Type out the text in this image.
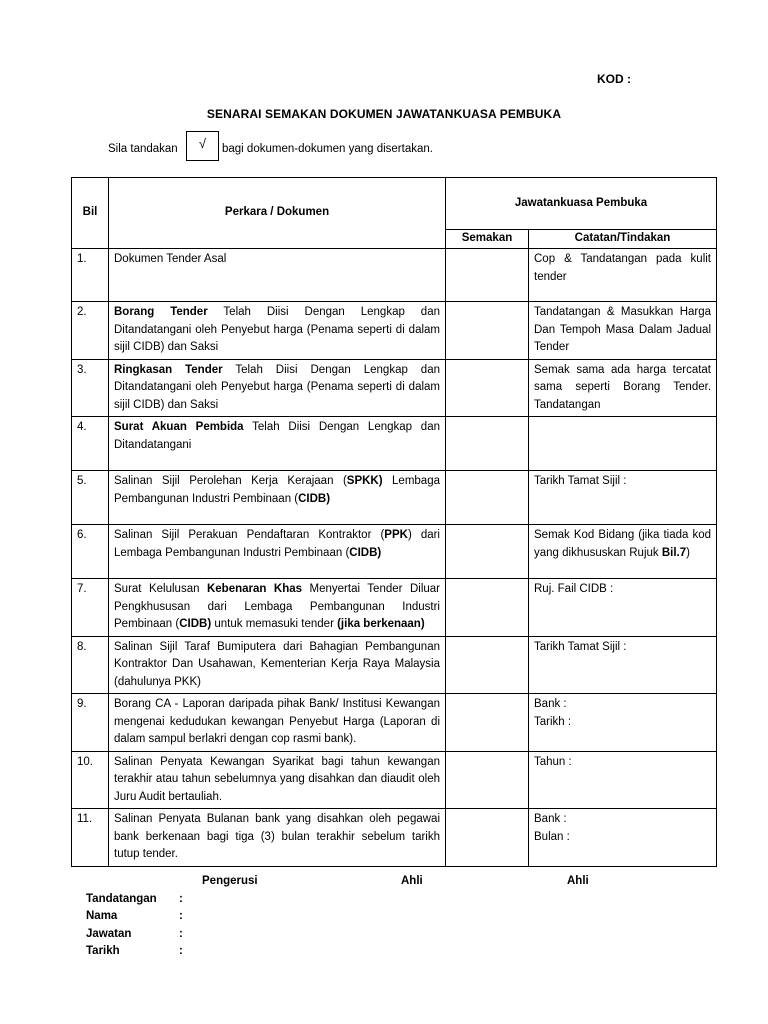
KOD :
SENARAI SEMAKAN DOKUMEN JAWATANKUASA PEMBUKA
Sila tandakan	√	bagi dokumen-dokumen yang disertakan.
Bil	Perkara / Dokumen	Jawatankuasa Pembuka	
		Semakan	Catatan/Tindakan
1.	Dokumen Tender Asal		Cop & Tandatangan pada kulit tender
2.	Borang Tender Telah Diisi Dengan Lengkap dan Ditandatangani oleh Penyebut harga (Penama seperti di dalam sijil CIDB) dan Saksi		Tandatangan & Masukkan Harga Dan Tempoh Masa Dalam Jadual Tender
3.	Ringkasan Tender Telah Diisi Dengan Lengkap dan Ditandatangani oleh Penyebut harga (Penama seperti di dalam sijil CIDB) dan Saksi		Semak sama ada harga tercatat sama seperti Borang Tender. Tandatangan
4.	Surat Akuan Pembida Telah Diisi Dengan Lengkap dan Ditandatangani		
5.	Salinan Sijil Perolehan Kerja Kerajaan (SPKK) Lembaga Pembangunan Industri Pembinaan (CIDB)		Tarikh Tamat Sijil :
6.	Salinan Sijil Perakuan Pendaftaran Kontraktor (PPK) dari Lembaga Pembangunan Industri Pembinaan (CIDB)		Semak Kod Bidang (jika tiada kod yang dikhususkan Rujuk Bil.7)
7.	Surat Kelulusan Kebenaran Khas Menyertai Tender Diluar Pengkhususan dari Lembaga Pembangunan Industri Pembinaan (CIDB) untuk memasuki tender (jika berkenaan)		Ruj. Fail CIDB :
8.	Salinan Sijil Taraf Bumiputera dari Bahagian Pembangunan Kontraktor Dan Usahawan, Kementerian Kerja Raya Malaysia (dahulunya PKK)		Tarikh Tamat Sijil :
9.	Borang CA - Laporan daripada pihak Bank/ Institusi Kewangan mengenai kedudukan kewangan Penyebut Harga (Laporan di dalam sampul berlakri dengan cop rasmi bank).		Bank :
Tarikh :

10.	Salinan Penyata Kewangan Syarikat bagi tahun kewangan terakhir atau tahun sebelumnya yang disahkan dan diaudit oleh Juru Audit bertauliah.		Tahun :
11.	Salinan Penyata Bulanan bank yang disahkan oleh pegawai bank berkenaan bagi tiga (3) bulan terakhir sebelum tarikh tutup tender.		Bank :
Bulan :
Pengerusi	Ahli	Ahli
Tandatangan :
Nama	:
Jawatan	:
Tarikh	:
